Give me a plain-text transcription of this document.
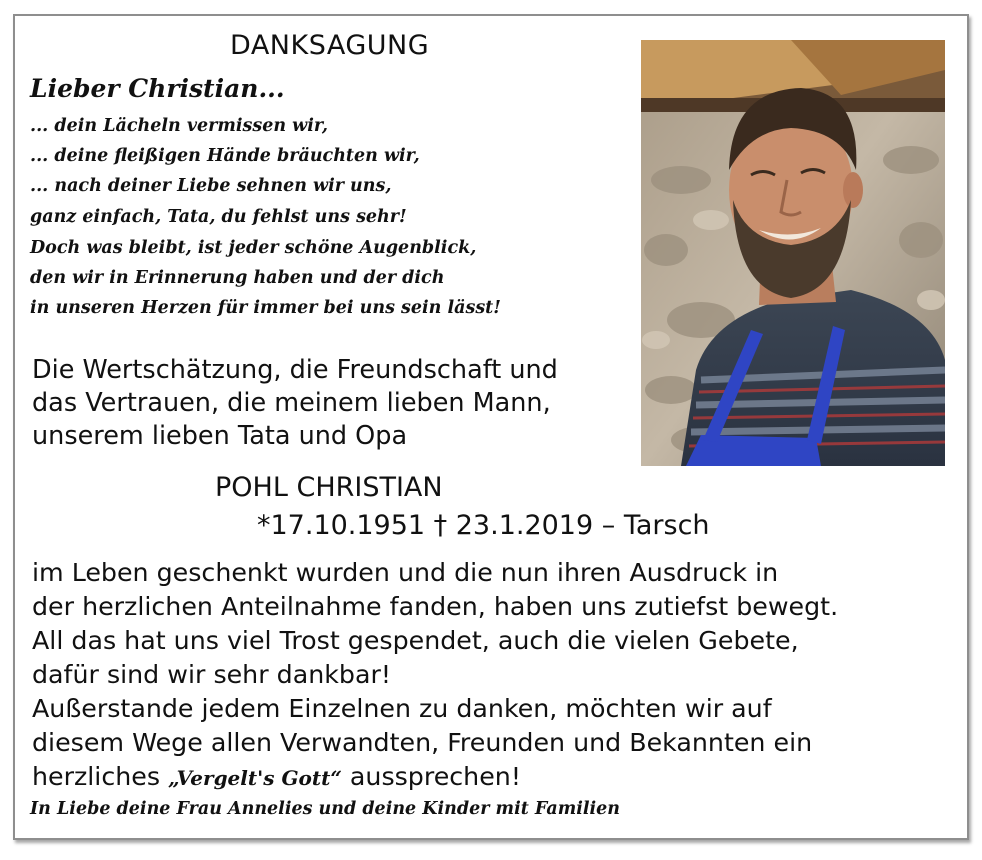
DANKSAGUNG
Lieber Christian...
... dein Lächeln vermissen wir,
... deine fleißigen Hände bräuchten wir,
... nach deiner Liebe sehnen wir uns,
ganz einfach, Tata, du fehlst uns sehr!
Doch was bleibt, ist jeder schöne Augenblick,
den wir in Erinnerung haben und der dich
in unseren Herzen für immer bei uns sein lässt!
Die Wertschätzung, die Freundschaft und
das Vertrauen, die meinem lieben Mann,
unserem lieben Tata und Opa
POHL CHRISTIAN
*17.10.1951 † 23.1.2019 – Tarsch
im Leben geschenkt wurden und die nun ihren Ausdruck in
der herzlichen Anteilnahme fanden, haben uns zutiefst bewegt.
All das hat uns viel Trost gespendet, auch die vielen Gebete,
dafür sind wir sehr dankbar!
Außerstande jedem Einzelnen zu danken, möchten wir auf
diesem Wege allen Verwandten, Freunden und Bekannten ein
herzliches „Vergelt's Gott“ aussprechen!
In Liebe deine Frau Annelies und deine Kinder mit Familien
